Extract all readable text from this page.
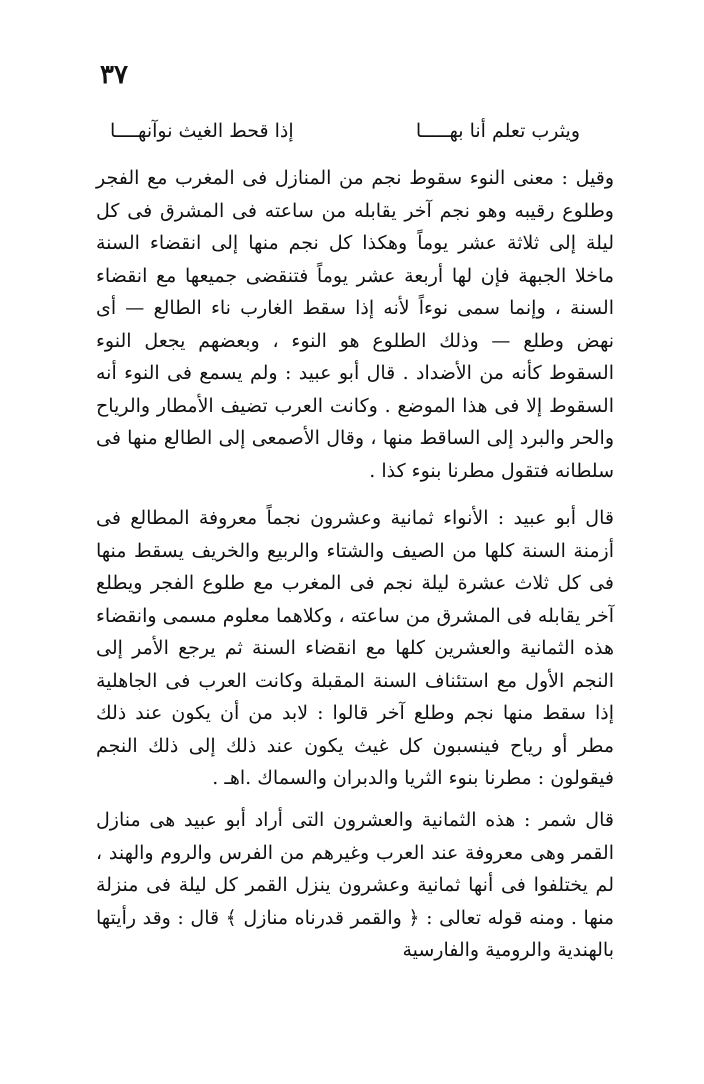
٣٧
ويثرب تعلم أنا بهـــــا
إذا قحط الغيث نوآنهــــا

وقيل : معنى النوء سقوط نجم من المنازل فى المغرب مع الفجر وطلوع رقيبه وهو نجم آخر يقابله من ساعته فى المشرق فى كل ليلة إلى ثلاثة عشر يوماً وهكذا كل نجم منها إلى انقضاء السنة ماخلا الجبهة فإن لها أربعة عشر يوماً فتنقضى جميعها مع انقضاء السنة ، وإنما سمى نوءاً لأنه إذا سقط الغارب ناء الطالع — أى نهض وطلع — وذلك الطلوع هو النوء ، وبعضهم يجعل النوء السقوط كأنه من الأضداد . قال أبو عبيد : ولم يسمع فى النوء أنه السقوط إلا فى هذا الموضع . وكانت العرب تضيف الأمطار والرياح والحر والبرد إلى الساقط منها ، وقال الأصمعى إلى الطالع منها فى سلطانه فتقول مطرنا بنوء كذا .

قال أبو عبيد : الأنواء ثمانية وعشرون نجماً معروفة المطالع فى أزمنة السنة كلها من الصيف والشتاء والربيع والخريف يسقط منها فى كل ثلاث عشرة ليلة نجم فى المغرب مع طلوع الفجر ويطلع آخر يقابله فى المشرق من ساعته ، وكلاهما معلوم مسمى وانقضاء هذه الثمانية والعشرين كلها مع انقضاء السنة ثم يرجع الأمر إلى النجم الأول مع استئناف السنة المقبلة وكانت العرب فى الجاهلية إذا سقط منها نجم وطلع آخر قالوا : لابد من أن يكون عند ذلك مطر أو رياح فينسبون كل غيث يكون عند ذلك إلى ذلك النجم فيقولون : مطرنا بنوء الثريا والدبران والسماك .اهـ .

قال شمر : هذه الثمانية والعشرون التى أراد أبو عبيد هى منازل القمر وهى معروفة عند العرب وغيرهم من الفرس والروم والهند ، لم يختلفوا فى أنها ثمانية وعشرون ينزل القمر كل ليلة فى منزلة منها . ومنه قوله تعالى : ﴿ والقمر قدرناه منازل ﴾ قال : وقد رأيتها بالهندية والرومية والفارسية
